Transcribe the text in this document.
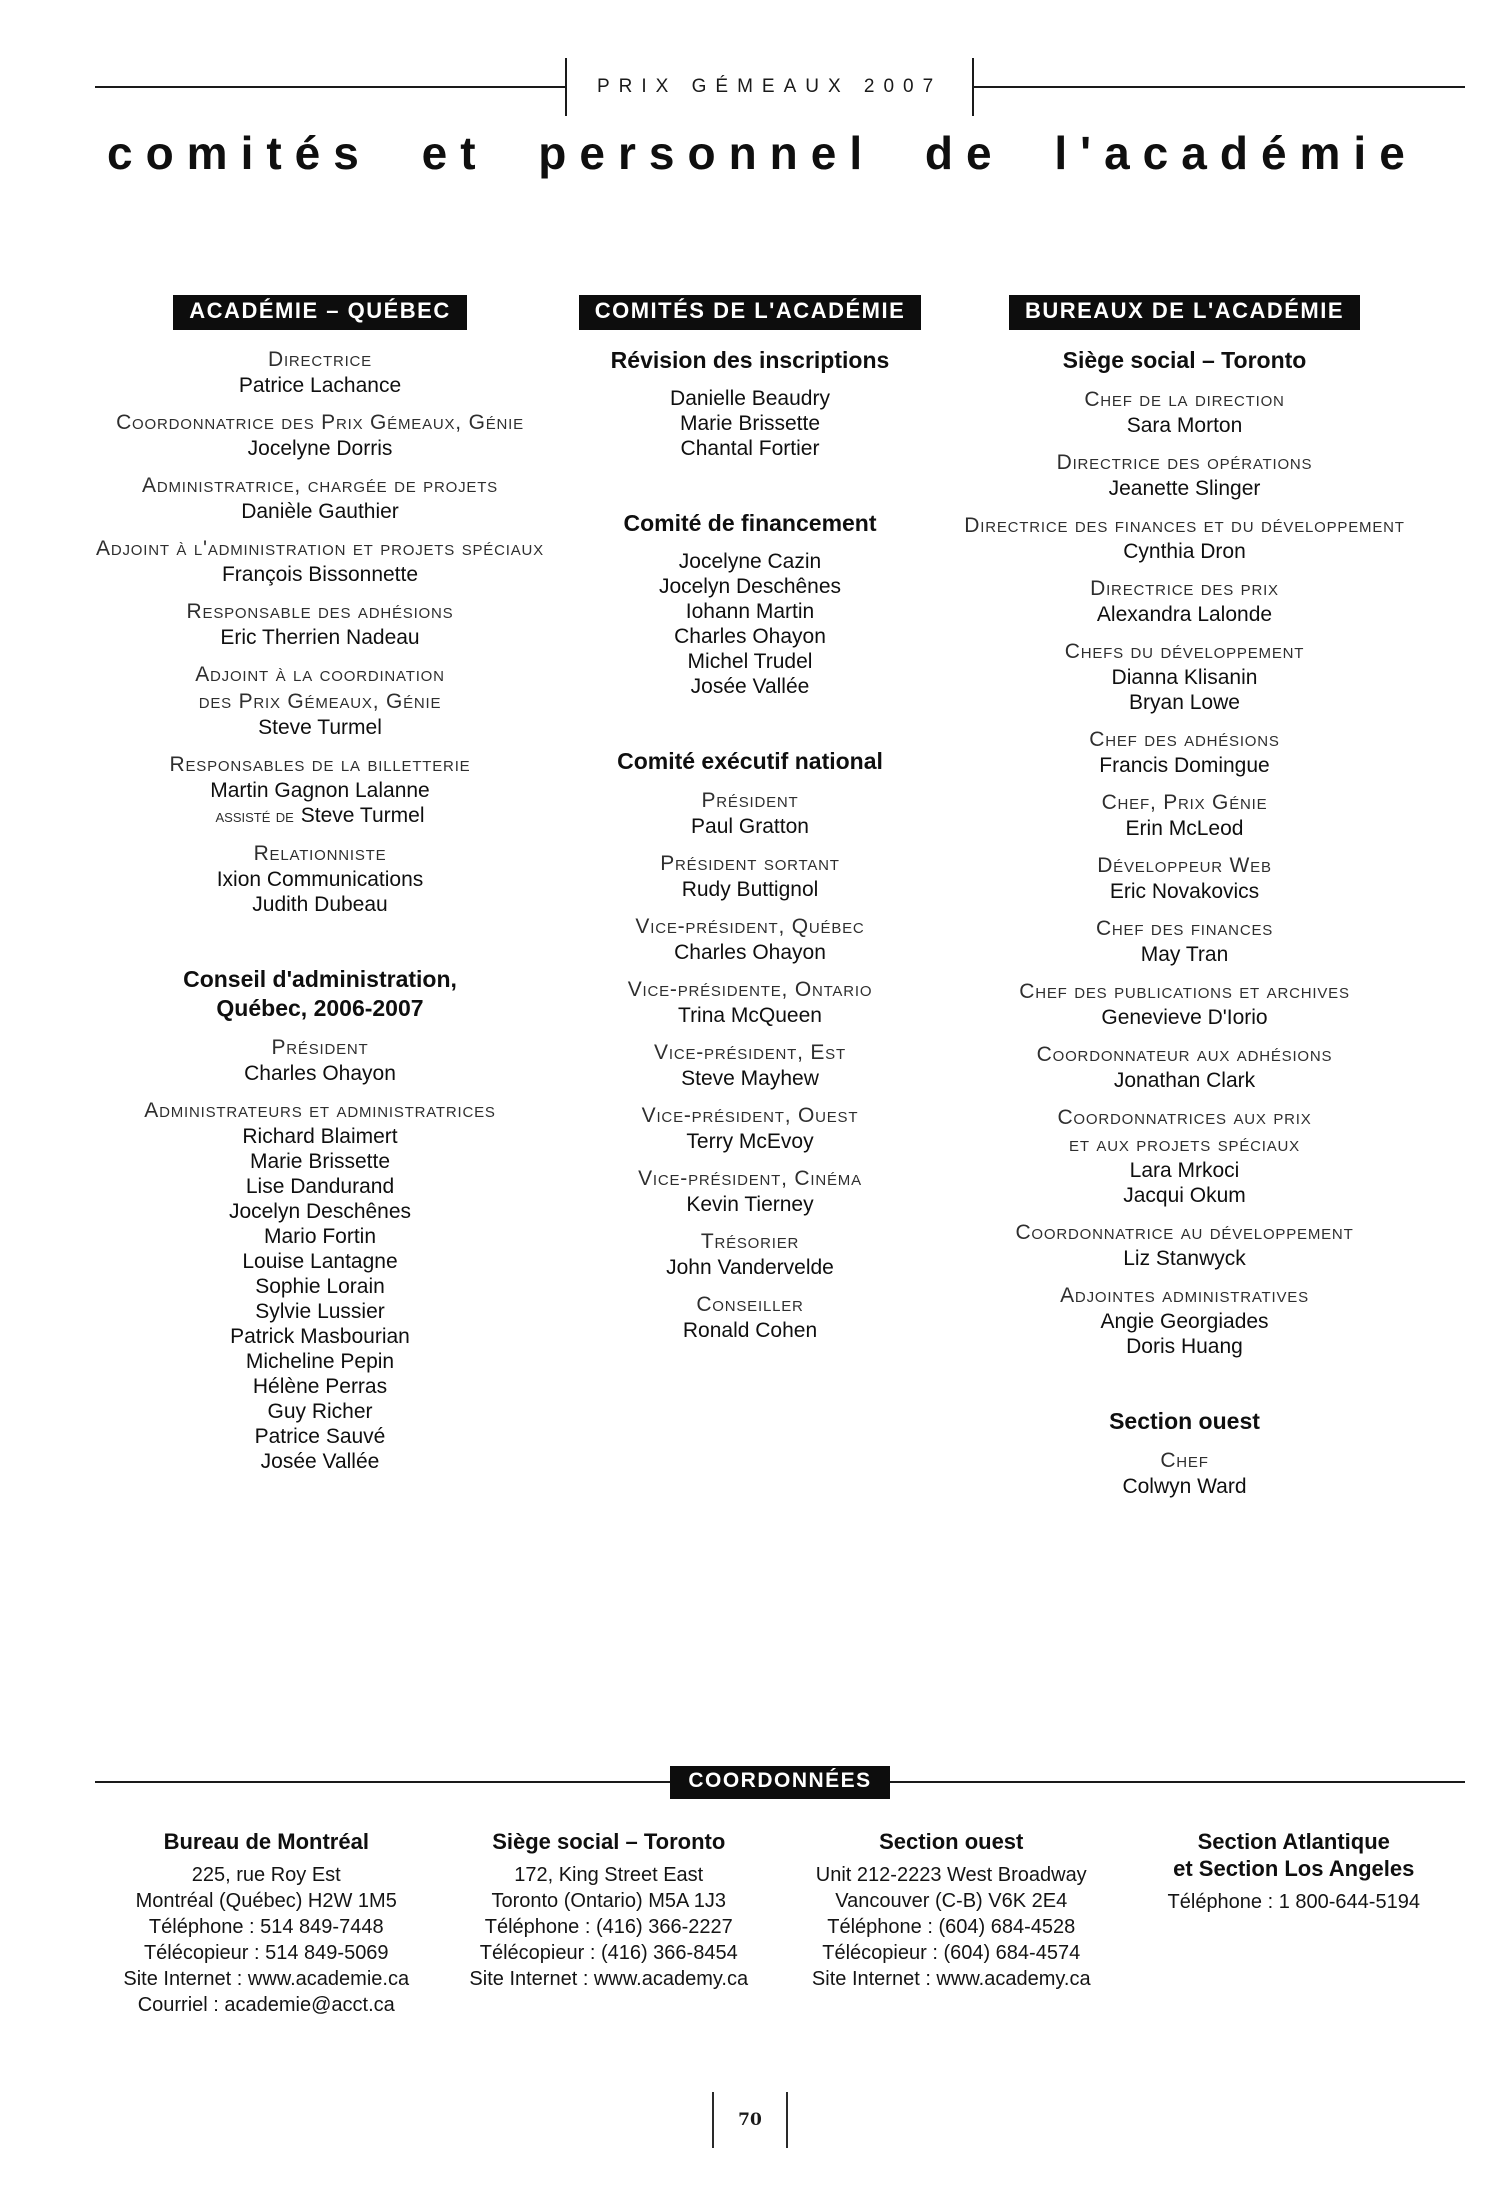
PRIX GÉMEAUX 2007
comités et personnel de l'académie
ACADÉMIE – QUÉBEC
Directrice
Patrice Lachance
Coordonnatrice des Prix Gémeaux, Génie
Jocelyne Dorris
Administratrice, chargée de projets
Danièle Gauthier
Adjoint à l'administration et projets spéciaux
François Bissonnette
Responsable des adhésions
Eric Therrien Nadeau
Adjoint à la coordination
des Prix Gémeaux, Génie
Steve Turmel
Responsables de la billetterie
Martin Gagnon Lalanne
assisté de Steve Turmel
Relationniste
Ixion Communications
Judith Dubeau
Conseil d'administration,
Québec, 2006-2007
Président
Charles Ohayon
Administrateurs et administratrices
Richard Blaimert
Marie Brissette
Lise Dandurand
Jocelyn Deschênes
Mario Fortin
Louise Lantagne
Sophie Lorain
Sylvie Lussier
Patrick Masbourian
Micheline Pepin
Hélène Perras
Guy Richer
Patrice Sauvé
Josée Vallée
COMITÉS DE L'ACADÉMIE
Révision des inscriptions
Danielle Beaudry
Marie Brissette
Chantal Fortier
Comité de financement
Jocelyne Cazin
Jocelyn Deschênes
Iohann Martin
Charles Ohayon
Michel Trudel
Josée Vallée
Comité exécutif national
Président
Paul Gratton
Président sortant
Rudy Buttignol
Vice-président, Québec
Charles Ohayon
Vice-présidente, Ontario
Trina McQueen
Vice-président, Est
Steve Mayhew
Vice-président, Ouest
Terry McEvoy
Vice-président, Cinéma
Kevin Tierney
Trésorier
John Vandervelde
Conseiller
Ronald Cohen
BUREAUX DE L'ACADÉMIE
Siège social – Toronto
Chef de la direction
Sara Morton
Directrice des opérations
Jeanette Slinger
Directrice des finances et du développement
Cynthia Dron
Directrice des prix
Alexandra Lalonde
Chefs du développement
Dianna Klisanin
Bryan Lowe
Chef des adhésions
Francis Domingue
Chef, Prix Génie
Erin McLeod
Développeur Web
Eric Novakovics
Chef des finances
May Tran
Chef des publications et archives
Genevieve D'Iorio
Coordonnateur aux adhésions
Jonathan Clark
Coordonnatrices aux prix
et aux projets spéciaux
Lara Mrkoci
Jacqui Okum
Coordonnatrice au développement
Liz Stanwyck
Adjointes administratives
Angie Georgiades
Doris Huang
Section ouest
Chef
Colwyn Ward
COORDONNÉES
Bureau de Montréal
225, rue Roy Est
Montréal (Québec) H2W 1M5
Téléphone : 514 849-7448
Télécopieur : 514 849-5069
Site Internet : www.academie.ca
Courriel : academie@acct.ca
Siège social – Toronto
172, King Street East
Toronto (Ontario) M5A 1J3
Téléphone : (416) 366-2227
Télécopieur : (416) 366-8454
Site Internet : www.academy.ca
Section ouest
Unit 212-2223 West Broadway
Vancouver (C-B) V6K 2E4
Téléphone : (604) 684-4528
Télécopieur : (604) 684-4574
Site Internet : www.academy.ca
Section Atlantique
et Section Los Angeles
Téléphone : 1 800-644-5194
70
